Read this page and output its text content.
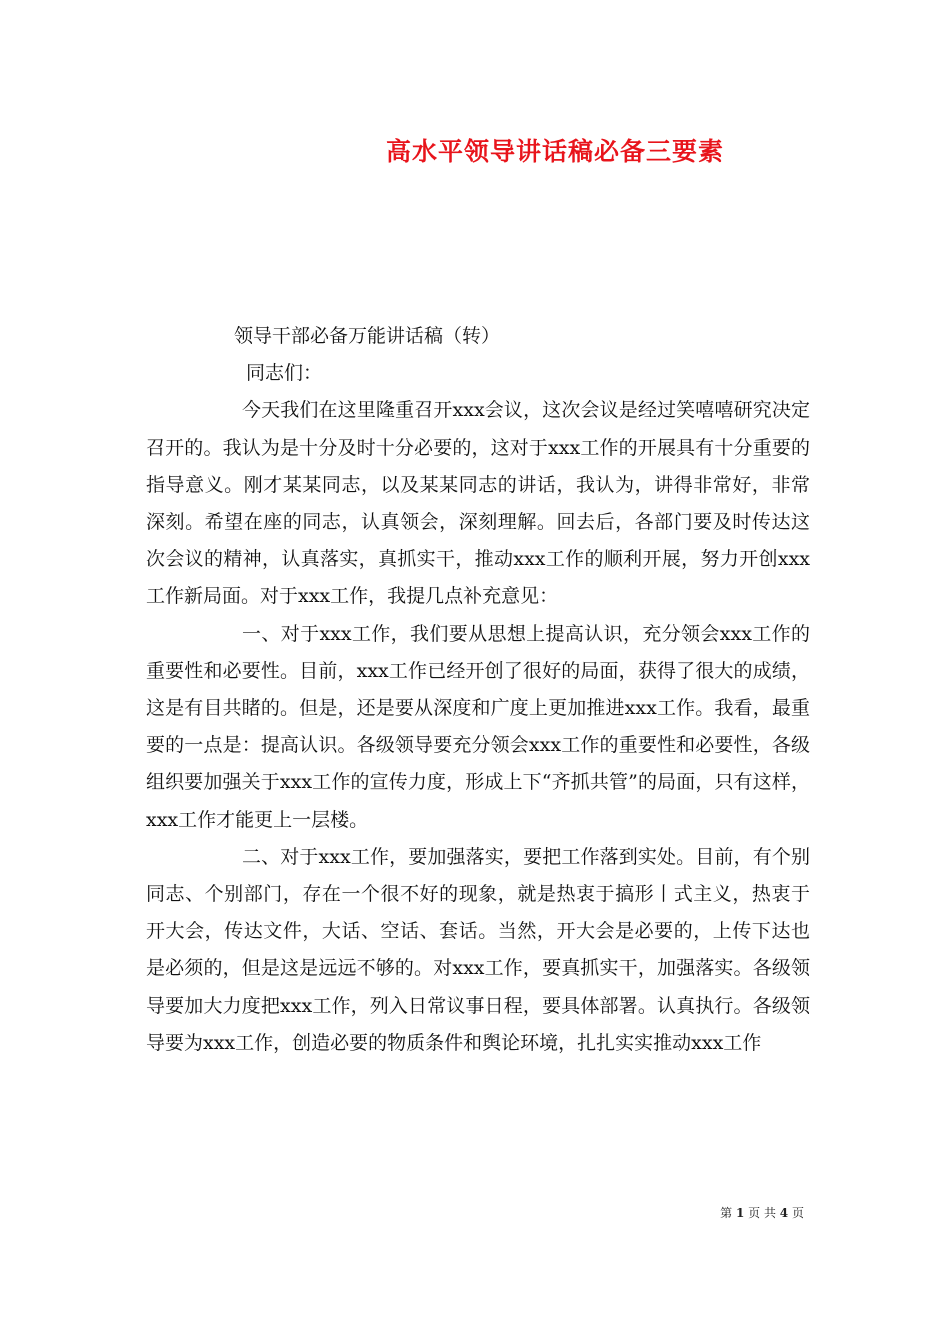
高水平领导讲话稿必备三要素

领导干部必备万能讲话稿（转）

同志们：

今天我们在这里隆重召开xxx会议，这次会议是经过笑嘻嘻研究决定召开的。我认为是十分及时十分必要的，这对于xxx工作的开展具有十分重要的指导意义。刚才某某同志，以及某某同志的讲话，我认为，讲得非常好，非常深刻。希望在座的同志，认真领会，深刻理解。回去后，各部门要及时传达这次会议的精神，认真落实，真抓实干，推动xxx工作的顺利开展，努力开创xxx工作新局面。对于xxx工作，我提几点补充意见：

一、对于xxx工作，我们要从思想上提高认识，充分领会xxx工作的重要性和必要性。目前，xxx工作已经开创了很好的局面，获得了很大的成绩，这是有目共睹的。但是，还是要从深度和广度上更加推进xxx工作。我看，最重要的一点是：提高认识。各级领导要充分领会xxx工作的重要性和必要性，各级组织要加强关于xxx工作的宣传力度，形成上下“齐抓共管”的局面，只有这样，xxx工作才能更上一层楼。

二、对于xxx工作，要加强落实，要把工作落到实处。目前，有个别同志、个别部门，存在一个很不好的现象，就是热衷于搞形丨式主义，热衷于开大会，传达文件，大话、空话、套话。当然，开大会是必要的，上传下达也是必须的，但是这是远远不够的。对xxx工作，要真抓实干，加强落实。各级领导要加大力度把xxx工作，列入日常议事日程，要具体部署。认真执行。各级领导要为xxx工作，创造必要的物质条件和舆论环境，扎扎实实推动xxx工作

第 1 页 共 4 页
